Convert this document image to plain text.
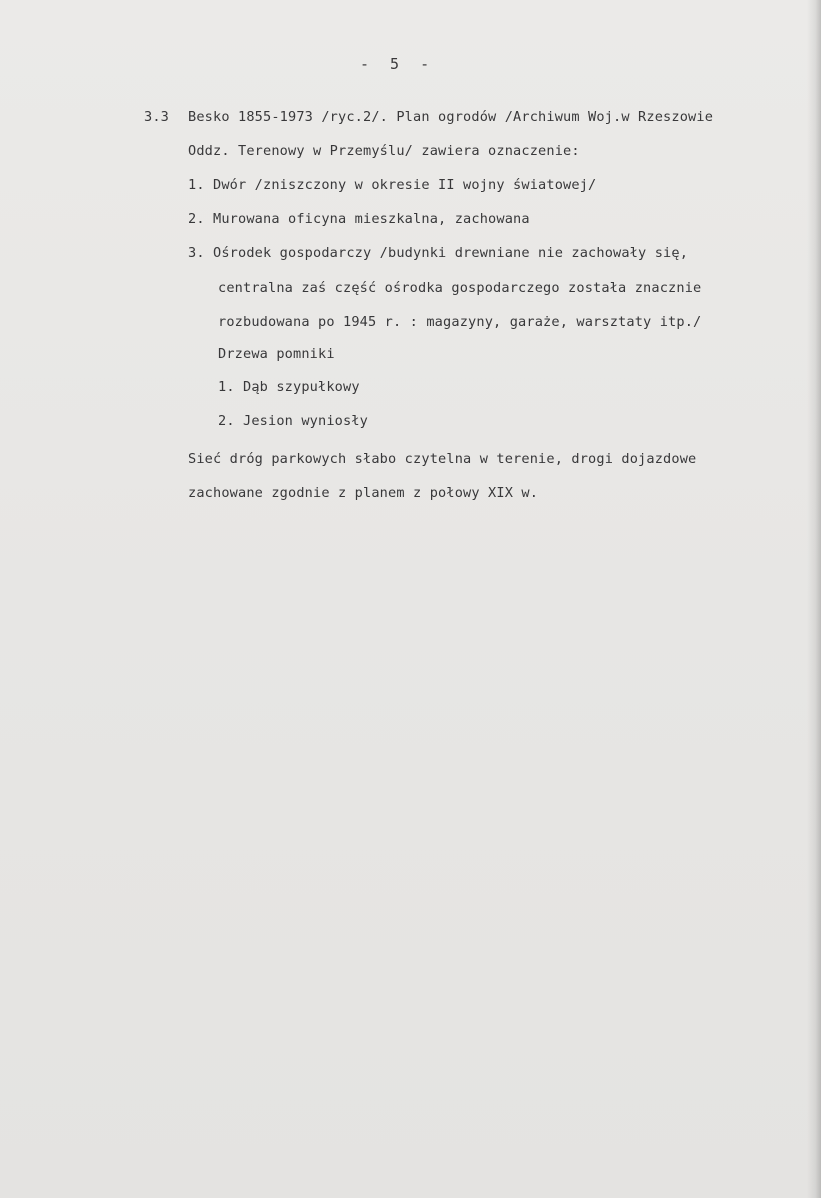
- 5 -
3.3 Besko 1855-1973 /ryc.2/. Plan ogrodów /Archiwum Woj.w Rzeszowie
Oddz. Terenowy w Przemyślu/ zawiera oznaczenie:
1. Dwór /zniszczony w okresie II wojny światowej/
2. Murowana oficyna mieszkalna, zachowana
3. Ośrodek gospodarczy /budynki drewniane nie zachowały się,
centralna zaś część ośrodka gospodarczego została znacznie
rozbudowana po 1945 r. : magazyny, garaże, warsztaty itp./
Drzewa pomniki
1. Dąb szypułkowy
2. Jesion wyniosły
Sieć dróg parkowych słabo czytelna w terenie, drogi dojazdowe
zachowane zgodnie z planem z połowy XIX w.
